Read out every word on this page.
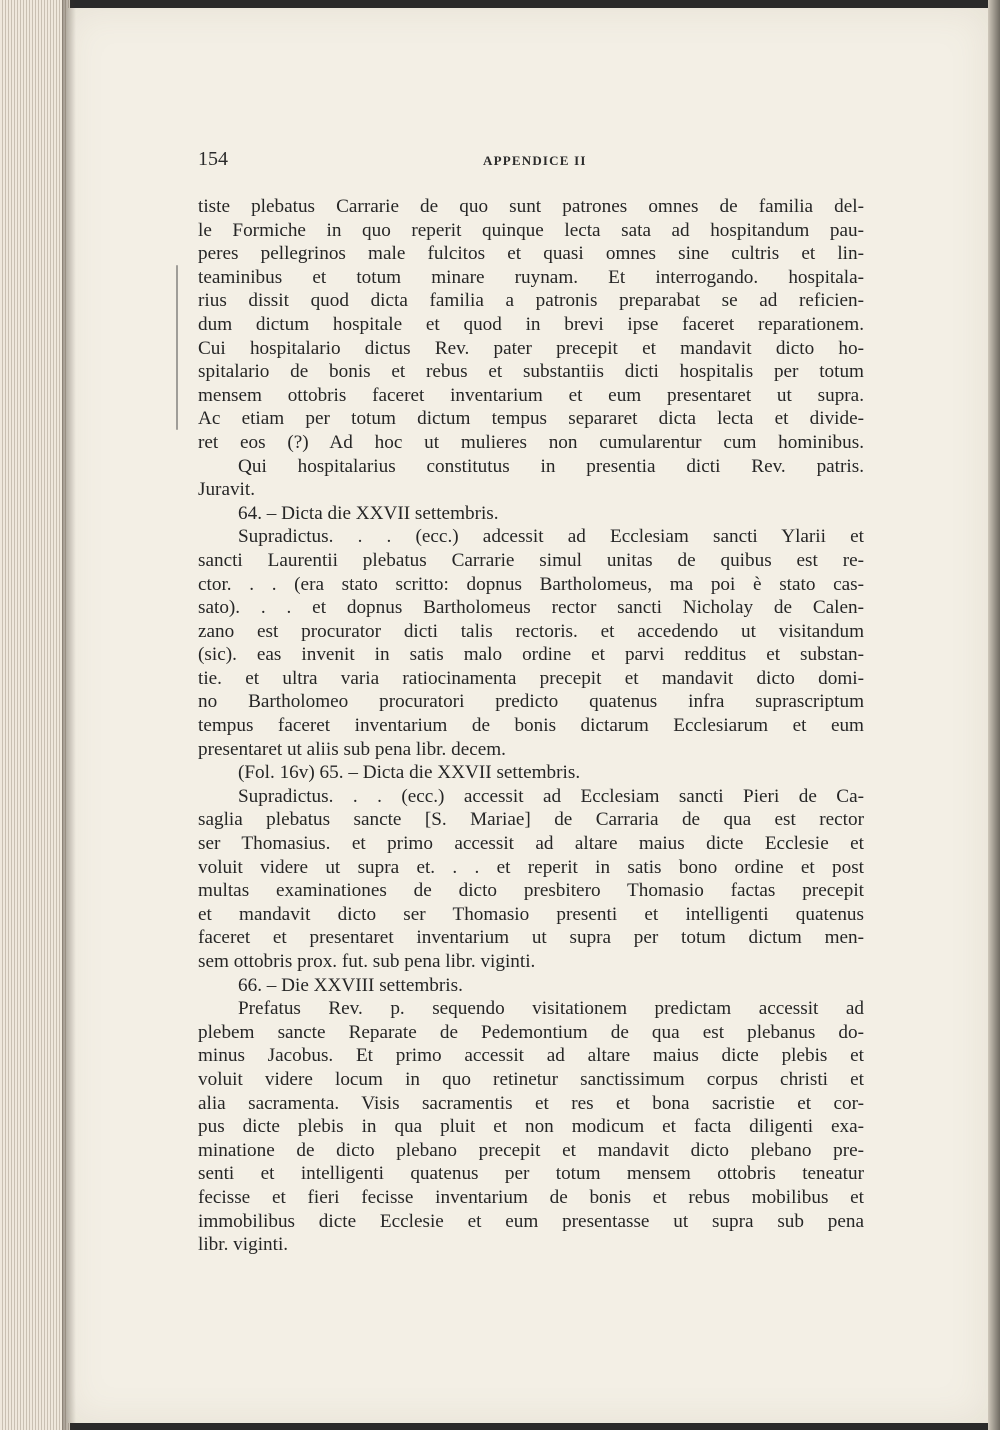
154	APPENDICE II
tiste plebatus Carrarie de quo sunt patrones omnes de familia del-
le Formiche in quo reperit quinque lecta sata ad hospitandum pau-
peres pellegrinos male fulcitos et quasi omnes sine cultris et lin-
teaminibus et totum minare ruynam. Et interrogando. hospitala-
rius dissit quod dicta familia a patronis preparabat se ad reficien-
dum dictum hospitale et quod in brevi ipse faceret reparationem.
Cui hospitalario dictus Rev. pater precepit et mandavit dicto ho-
spitalario de bonis et rebus et substantiis dicti hospitalis per totum
mensem ottobris faceret inventarium et eum presentaret ut supra.
Ac etiam per totum dictum tempus separaret dicta lecta et divide-
ret eos (?) Ad hoc ut mulieres non cumularentur cum hominibus.
Qui hospitalarius constitutus in presentia dicti Rev. patris.
Juravit.
64. – Dicta die XXVII settembris.
Supradictus. . . (ecc.) adcessit ad Ecclesiam sancti Ylarii et
sancti Laurentii plebatus Carrarie simul unitas de quibus est re-
ctor. . . (era stato scritto: dopnus Bartholomeus, ma poi è stato cas-
sato). . . et dopnus Bartholomeus rector sancti Nicholay de Calen-
zano est procurator dicti talis rectoris. et accedendo ut visitandum
(sic). eas invenit in satis malo ordine et parvi redditus et substan-
tie. et ultra varia ratiocinamenta precepit et mandavit dicto domi-
no Bartholomeo procuratori predicto quatenus infra suprascriptum
tempus faceret inventarium de bonis dictarum Ecclesiarum et eum
presentaret ut aliis sub pena libr. decem.
(Fol. 16v) 65. – Dicta die XXVII settembris.
Supradictus. . . (ecc.) accessit ad Ecclesiam sancti Pieri de Ca-
saglia plebatus sancte [S. Mariae] de Carraria de qua est rector
ser Thomasius. et primo accessit ad altare maius dicte Ecclesie et
voluit videre ut supra et. . . et reperit in satis bono ordine et post
multas examinationes de dicto presbitero Thomasio factas precepit
et mandavit dicto ser Thomasio presenti et intelligenti quatenus
faceret et presentaret inventarium ut supra per totum dictum men-
sem ottobris prox. fut. sub pena libr. viginti.
66. – Die XXVIII settembris.
Prefatus Rev. p. sequendo visitationem predictam accessit ad
plebem sancte Reparate de Pedemontium de qua est plebanus do-
minus Jacobus. Et primo accessit ad altare maius dicte plebis et
voluit videre locum in quo retinetur sanctissimum corpus christi et
alia sacramenta. Visis sacramentis et res et bona sacristie et cor-
pus dicte plebis in qua pluit et non modicum et facta diligenti exa-
minatione de dicto plebano precepit et mandavit dicto plebano pre-
senti et intelligenti quatenus per totum mensem ottobris teneatur
fecisse et fieri fecisse inventarium de bonis et rebus mobilibus et
immobilibus dicte Ecclesie et eum presentasse ut supra sub pena
libr. viginti.
